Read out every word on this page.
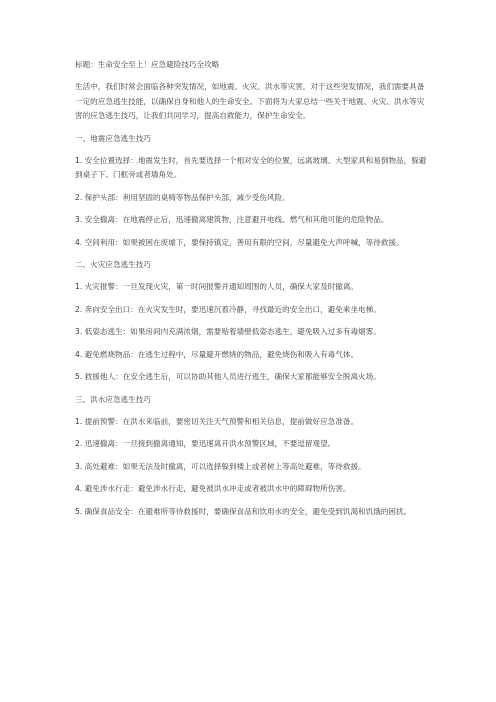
标题：生命安全至上！应急避险技巧全攻略

生活中，我们时常会面临各种突发情况，如地震、火灾、洪水等灾害，对于这些突发情况，我们需要具备一定的应急逃生技能，以确保自身和他人的生命安全。下面将为大家总结一些关于地震、火灾、洪水等灾害的应急逃生技巧，让我们共同学习，提高自救能力，保护生命安全。

一、地震应急逃生技巧

1. 安全位置选择：地震发生时，首先要选择一个相对安全的位置，远离玻璃、大型家具和易倒物品，躲避到桌子下、门框旁或者墙角处。

2. 保护头部：利用坚固的桌椅等物品保护头部，减少受伤风险。

3. 安全撤离：在地震停止后，迅速撤离建筑物，注意避开电线、燃气和其他可能的危险物品。

4. 空间利用：如果被困在废墟下，要保持镇定，善用有限的空间，尽量避免大声呼喊，等待救援。

二、火灾应急逃生技巧

1. 火灾报警：一旦发现火灾，第一时间报警并通知周围的人员，确保大家及时撤离。

2. 奔向安全出口：在火灾发生时，要迅速沉着冷静，寻找最近的安全出口，避免乘坐电梯。

3. 低姿态逃生：如果房间内充满浓烟，需要贴着墙壁低姿态逃生，避免吸入过多有毒烟雾。

4. 避免燃烧物品：在逃生过程中，尽量避开燃烧的物品，避免烧伤和吸入有毒气体。

5. 救援他人：在安全逃生后，可以协助其他人员进行逃生，确保大家都能够安全脱离火场。

三、洪水应急逃生技巧

1. 提前预警：在洪水来临前，要密切关注天气预警和相关信息，提前做好应急准备。

2. 迅速撤离：一旦接到撤离通知，要迅速离开洪水预警区域，不要逗留观望。

3. 高处避难：如果无法及时撤离，可以选择躲到楼上或者树上等高处避难，等待救援。

4. 避免涉水行走：避免涉水行走，避免被洪水冲走或者被洪水中的障碍物所伤害。

5. 确保食品安全：在避难所等待救援时，要确保食品和饮用水的安全，避免受到饥渴和饥饿的困扰。
